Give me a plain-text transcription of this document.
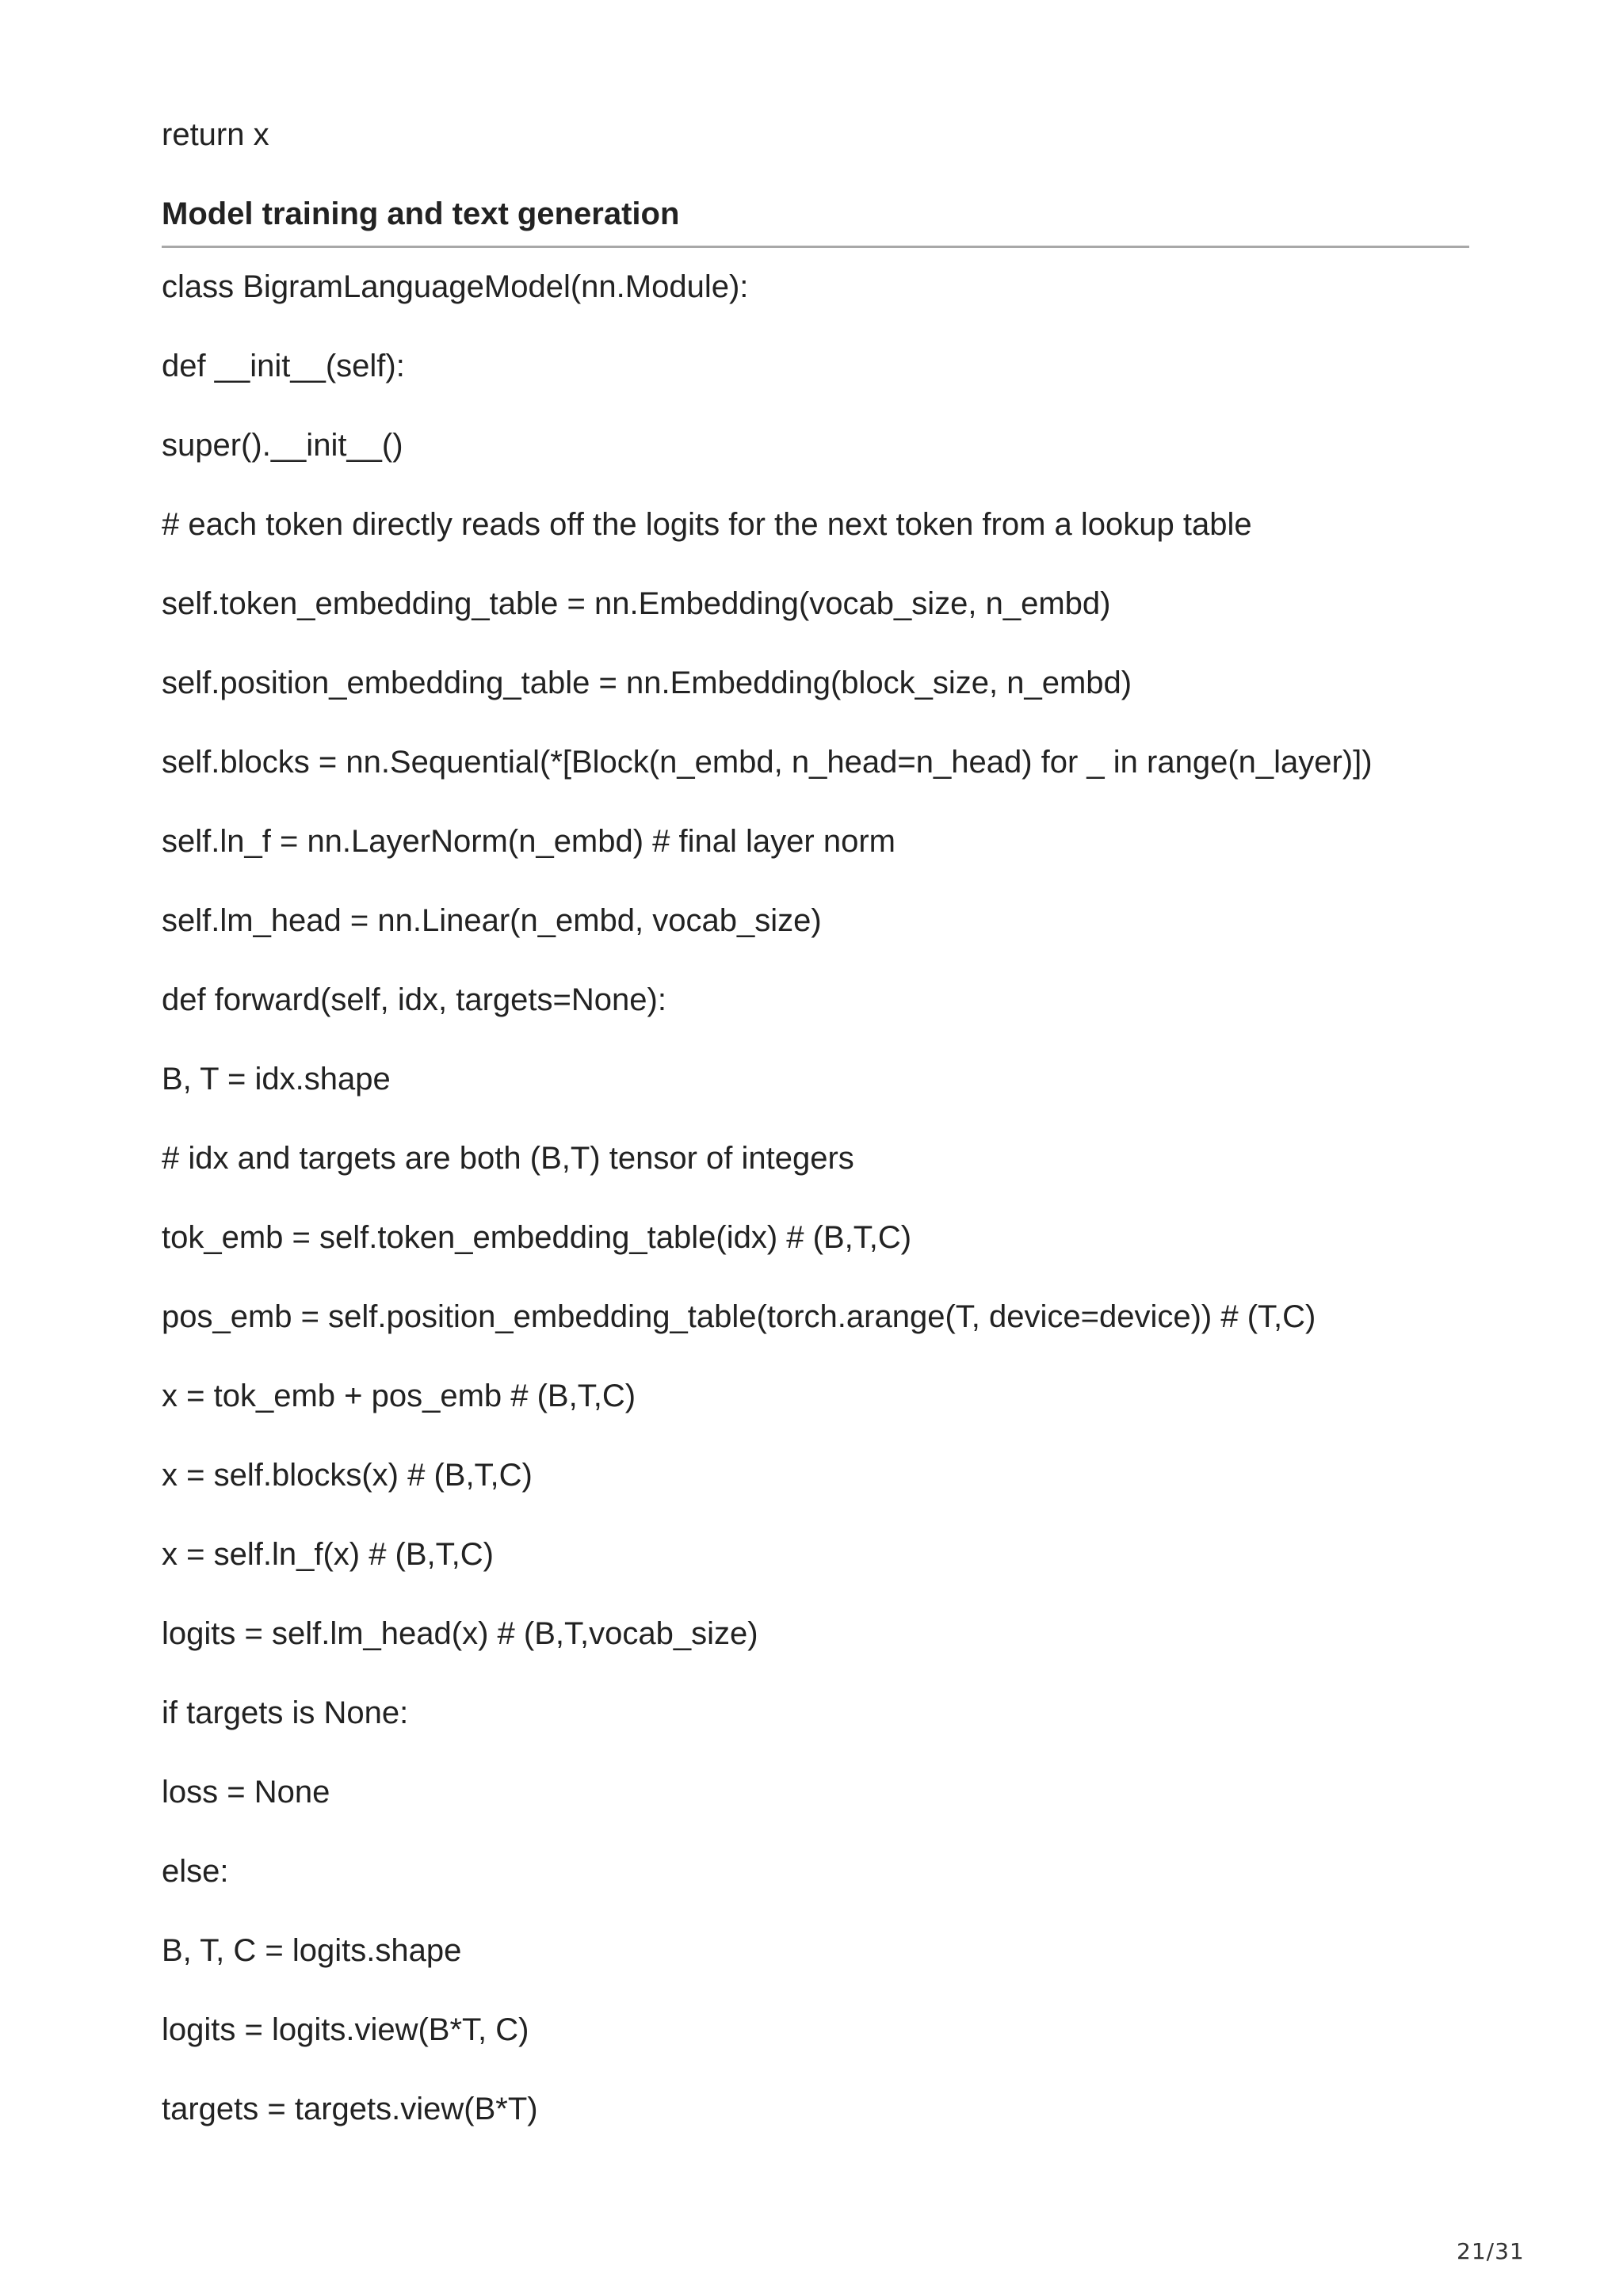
return x
Model training and text generation
class BigramLanguageModel(nn.Module):
def __init__(self):
super().__init__()
# each token directly reads off the logits for the next token from a lookup table
self.token_embedding_table = nn.Embedding(vocab_size, n_embd)
self.position_embedding_table = nn.Embedding(block_size, n_embd)
self.blocks = nn.Sequential(*[Block(n_embd, n_head=n_head) for _ in range(n_layer)])
self.ln_f = nn.LayerNorm(n_embd) # final layer norm
self.lm_head = nn.Linear(n_embd, vocab_size)
def forward(self, idx, targets=None):
B, T = idx.shape
# idx and targets are both (B,T) tensor of integers
tok_emb = self.token_embedding_table(idx) # (B,T,C)
pos_emb = self.position_embedding_table(torch.arange(T, device=device)) # (T,C)
x = tok_emb + pos_emb # (B,T,C)
x = self.blocks(x) # (B,T,C)
x = self.ln_f(x) # (B,T,C)
logits = self.lm_head(x) # (B,T,vocab_size)
if targets is None:
loss = None
else:
B, T, C = logits.shape
logits = logits.view(B*T, C)
targets = targets.view(B*T)
21/31
